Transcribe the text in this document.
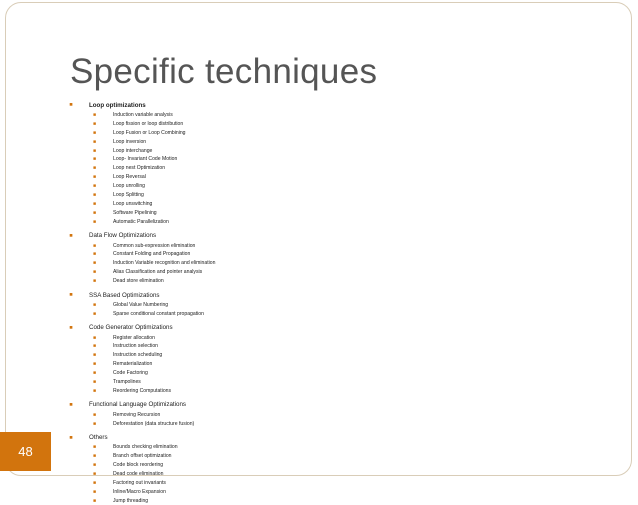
Specific techniques
■	Loop optimizations
■	Induction variable analysis
■	Loop fission or loop distribution
■	Loop Fusion or Loop Combining
■	Loop inversion
■	Loop interchange
■	Loop- Invariant Code Motion
■	Loop nest Optimization
■	Loop Reversal
■	Loop unrolling
■	Loop Splitting
■	Loop unswitching
■	Software Pipelining
■	Automatic Parallelization
■	Data Flow Optimizations
■	Common sub-expression elimination
■	Constant Folding and Propagation
■	Induction Variable recognition and elimination
■	Alias Classification and pointer analysis
■	Dead store elimination
■	SSA Based Optimizations
■	Global Value Numbering
■	Sparse conditional constant propagation
■	Code Generator Optimizations
■	Register allocation
■	Instruction selection
■	Instruction scheduling
■	Rematerialization
■	Code Factoring
■	Trampolines
■	Reordering Computations
■	Functional Language Optimizations
■	Removing Recursion
■	Deforestation (data structure fusion)
■	Others
■	Bounds checking elimination
■	Branch offset optimization
■	Code block reordering
■	Dead code elimination
■	Factoring out invariants
■	Inline/Macro Expansion
■	Jump threading
48
